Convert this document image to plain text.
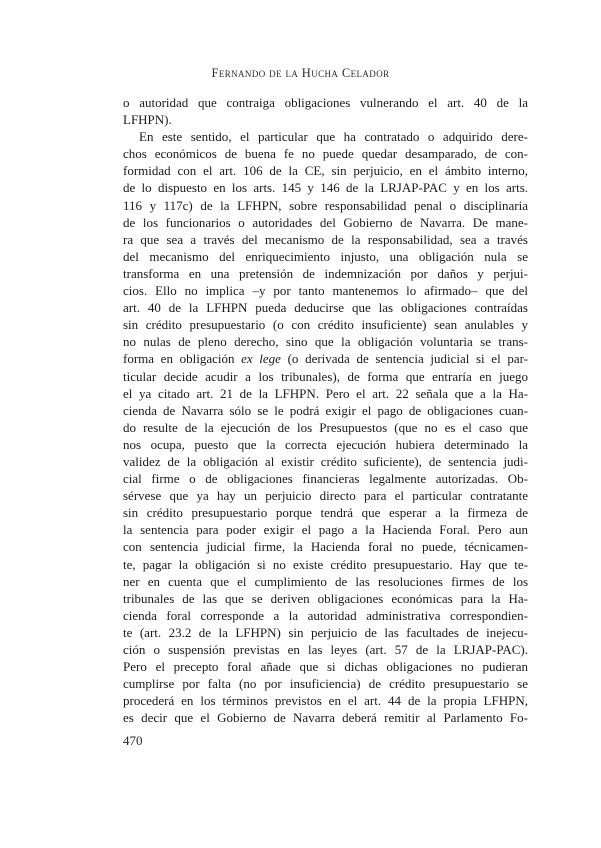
Fernando de la Hucha Celador
o autoridad que contraiga obligaciones vulnerando el art. 40 de la
LFHPN).
En este sentido, el particular que ha contratado o adquirido dere-
chos económicos de buena fe no puede quedar desamparado, de con-
formidad con el art. 106 de la CE, sin perjuicio, en el ámbito interno,
de lo dispuesto en los arts. 145 y 146 de la LRJAP-PAC y en los arts.
116 y 117c) de la LFHPN, sobre responsabilidad penal o disciplinaria
de los funcionarios o autoridades del Gobierno de Navarra. De mane-
ra que sea a través del mecanismo de la responsabilidad, sea a través
del mecanismo del enriquecimiento injusto, una obligación nula se
transforma en una pretensión de indemnización por daños y perjui-
cios. Ello no implica –y por tanto mantenemos lo afirmado– que del
art. 40 de la LFHPN pueda deducirse que las obligaciones contraídas
sin crédito presupuestario (o con crédito insuficiente) sean anulables y
no nulas de pleno derecho, sino que la obligación voluntaria se trans-
forma en obligación ex lege (o derivada de sentencia judicial si el par-
ticular decide acudir a los tribunales), de forma que entraría en juego
el ya citado art. 21 de la LFHPN. Pero el art. 22 señala que a la Ha-
cienda de Navarra sólo se le podrá exigir el pago de obligaciones cuan-
do resulte de la ejecución de los Presupuestos (que no es el caso que
nos ocupa, puesto que la correcta ejecución hubiera determinado la
validez de la obligación al existir crédito suficiente), de sentencia judi-
cial firme o de obligaciones financieras legalmente autorizadas. Ob-
sérvese que ya hay un perjuicio directo para el particular contratante
sin crédito presupuestario porque tendrá que esperar a la firmeza de
la sentencia para poder exigir el pago a la Hacienda Foral. Pero aun
con sentencia judicial firme, la Hacienda foral no puede, técnicamen-
te, pagar la obligación si no existe crédito presupuestario. Hay que te-
ner en cuenta que el cumplimiento de las resoluciones firmes de los
tribunales de las que se deriven obligaciones económicas para la Ha-
cienda foral corresponde a la autoridad administrativa correspondien-
te (art. 23.2 de la LFHPN) sin perjuicio de las facultades de inejecu-
ción o suspensión previstas en las leyes (art. 57 de la LRJAP-PAC).
Pero el precepto foral añade que si dichas obligaciones no pudieran
cumplirse por falta (no por insuficiencia) de crédito presupuestario se
procederá en los términos previstos en el art. 44 de la propia LFHPN,
es decir que el Gobierno de Navarra deberá remitir al Parlamento Fo-
470
